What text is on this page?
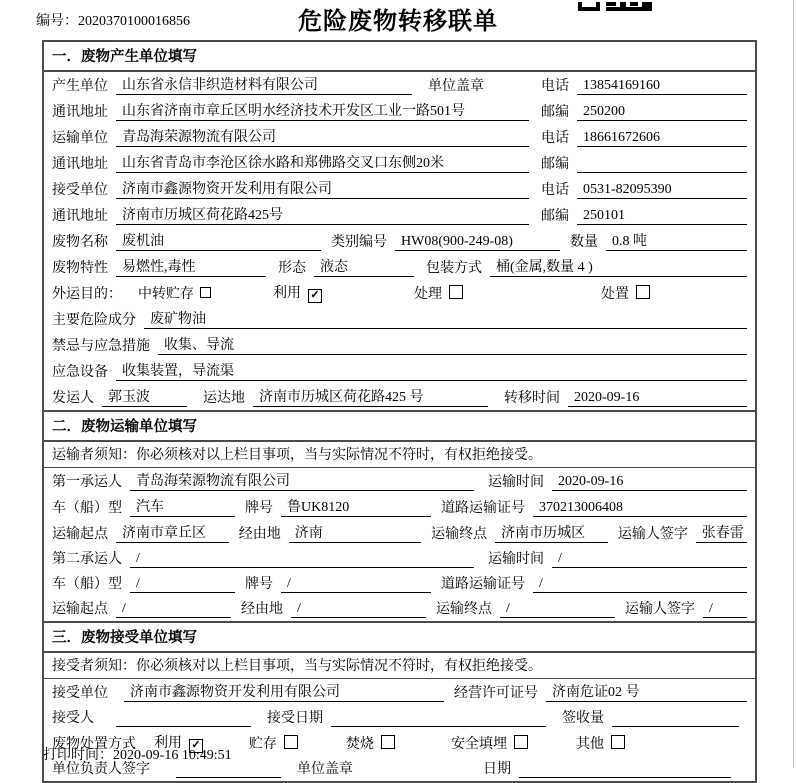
编号：2020370100016856	危险废物转移联单
一．废物产生单位填写
产生单位	山东省永信非织造材料有限公司	单位盖章	电话	13854169160
通讯地址	山东省济南市章丘区明水经济技术开发区工业一路501号	邮编	250200
运输单位	青岛海荣源物流有限公司	电话	18661672606
通讯地址	山东省青岛市李沧区徐水路和郑佛路交叉口东侧20米	邮编
接受单位	济南市鑫源物资开发利用有限公司	电话	0531-82095390
通讯地址	济南市历城区荷花路425号	邮编	250101
废物名称	废机油	类别编号	HW08(900-249-08)	数量	0.8 吨
废物特性	易燃性,毒性	形态	液态	包装方式	桶(金属,数量 4 )
外运目的：	中转贮存	利用 ✓	处理	处置
主要危险成分	废矿物油
禁忌与应急措施	收集、导流
应急设备	收集装置，导流渠
发运人	郭玉波	运达地	济南市历城区荷花路425 号	转移时间	2020-09-16
二．废物运输单位填写
运输者须知：你必须核对以上栏目事项，当与实际情况不符时，有权拒绝接受。
第一承运人	青岛海荣源物流有限公司	运输时间	2020-09-16
车（船）型	汽车	牌号	鲁UK8120	道路运输证号	370213006408
运输起点	济南市章丘区	经由地	济南	运输终点	济南市历城区	运输人签字	张春雷
第二承运人	/	运输时间	/
车（船）型	/	牌号	/	道路运输证号	/
运输起点	/	经由地	/	运输终点	/	运输人签字	/
三．废物接受单位填写
接受者须知：你必须核对以上栏目事项，当与实际情况不符时，有权拒绝接受。
接受单位	济南市鑫源物资开发利用有限公司	经营许可证号	济南危证02 号
接受人	接受日期	签收量
废物处置方式	利用 ✓	贮存	焚烧	安全填埋	其他
单位负责人签字	单位盖章	日期
打印时间：2020-09-16 10:49:51
